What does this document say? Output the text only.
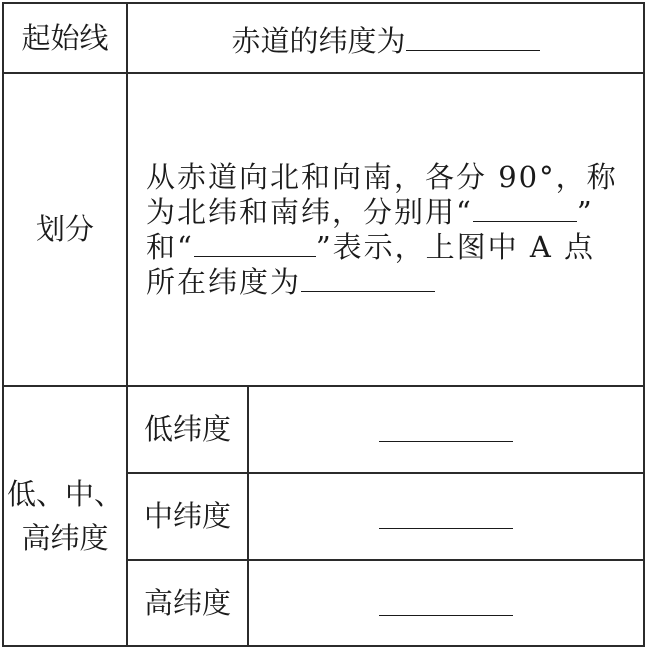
起始线	赤道的纬度为	
划分	从赤道向北和向南，各分 90°，称
为北纬和南纬，分别用“ ”
和“ ”表示，上图中 A 点
所在纬度为	

低、中、
高纬度	低纬度	
	中纬度	
	高纬度	
